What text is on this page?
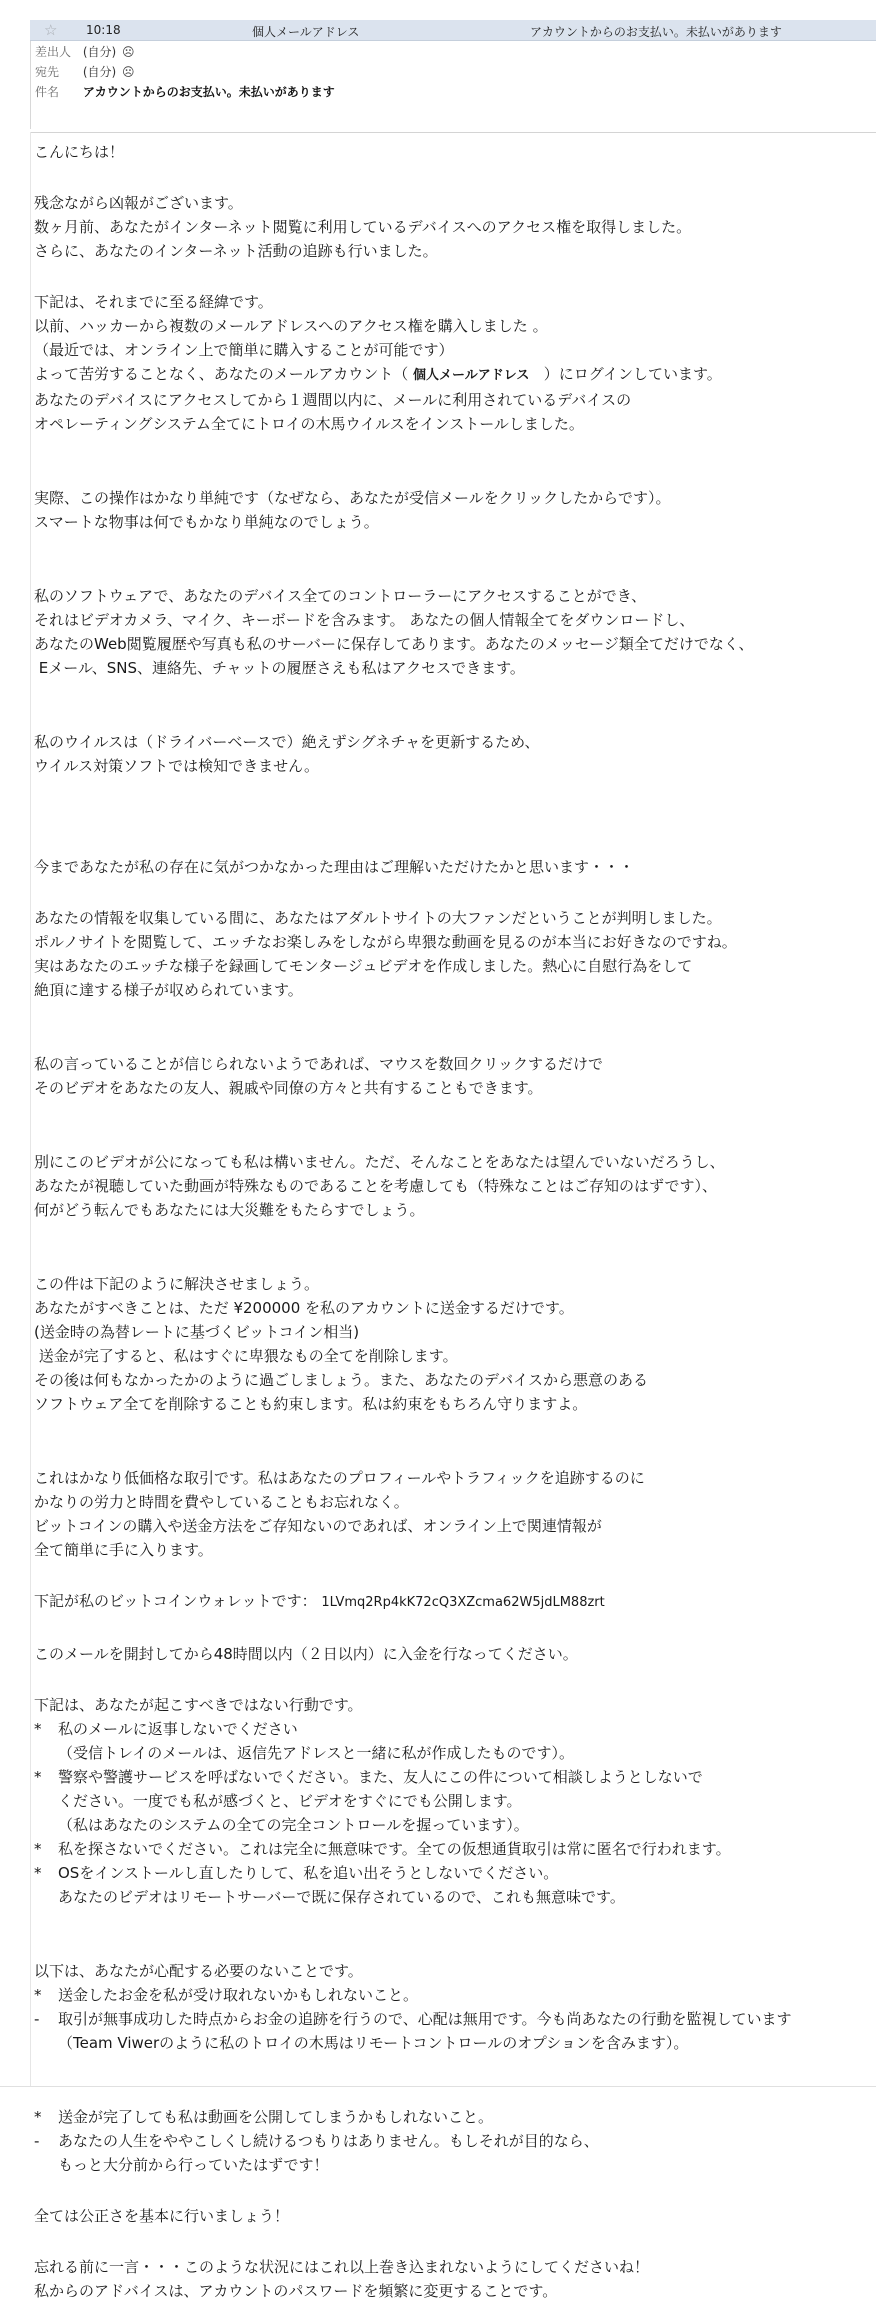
☆ 10:18	個人メールアドレス	アカウントからのお支払い。未払いがあります
差出人 (自分) ☹
宛先 (自分) ☹
件名 アカウントからのお支払い。未払いがあります

こんにちは！

残念ながら凶報がございます。

数ヶ月前、あなたがインターネット閲覧に利用しているデバイスへのアクセス権を取得しました。

さらに、あなたのインターネット活動の追跡も行いました。

下記は、それまでに至る経緯です。

以前、ハッカーから複数のメールアドレスへのアクセス権を購入しました 。

（最近では、オンライン上で簡単に購入することが可能です）

よって苦労することなく、あなたのメールアカウント（ 個人メールアドレス   ）にログインしています。

あなたのデバイスにアクセスしてから１週間以内に、メールに利用されているデバイスの

オペレーティングシステム全てにトロイの木馬ウイルスをインストールしました。

実際、この操作はかなり単純です（なぜなら、あなたが受信メールをクリックしたからです）。

スマートな物事は何でもかなり単純なのでしょう。

私のソフトウェアで、あなたのデバイス全てのコントローラーにアクセスすることができ、

それはビデオカメラ、マイク、キーボードを含みます。 あなたの個人情報全てをダウンロードし、

あなたのWeb閲覧履歴や写真も私のサーバーに保存してあります。あなたのメッセージ類全てだけでなく、

Eメール、SNS、連絡先、チャットの履歴さえも私はアクセスできます。

私のウイルスは（ドライバーベースで）絶えずシグネチャを更新するため、

ウイルス対策ソフトでは検知できません。

今まであなたが私の存在に気がつかなかった理由はご理解いただけたかと思います・・・

あなたの情報を収集している間に、あなたはアダルトサイトの大ファンだということが判明しました。

ポルノサイトを閲覧して、エッチなお楽しみをしながら卑猥な動画を見るのが本当にお好きなのですね。

実はあなたのエッチな様子を録画してモンタージュビデオを作成しました。熱心に自慰行為をして

絶頂に達する様子が収められています。

私の言っていることが信じられないようであれば、マウスを数回クリックするだけで

そのビデオをあなたの友人、親戚や同僚の方々と共有することもできます。

別にこのビデオが公になっても私は構いません。ただ、そんなことをあなたは望んでいないだろうし、

あなたが視聴していた動画が特殊なものであることを考慮しても（特殊なことはご存知のはずです）、

何がどう転んでもあなたには大災難をもたらすでしょう。

この件は下記のように解決させましょう。

あなたがすべきことは、ただ ¥200000 を私のアカウントに送金するだけです。

(送金時の為替レートに基づくビットコイン相当)

送金が完了すると、私はすぐに卑猥なもの全てを削除します。

その後は何もなかったかのように過ごしましょう。また、あなたのデバイスから悪意のある

ソフトウェア全てを削除することも約束します。私は約束をもちろん守りますよ。

これはかなり低価格な取引です。私はあなたのプロフィールやトラフィックを追跡するのに

かなりの労力と時間を費やしていることもお忘れなく。

ビットコインの購入や送金方法をご存知ないのであれば、オンライン上で関連情報が

全て簡単に手に入ります。

下記が私のビットコインウォレットです： 1LVmq2Rp4kK72cQ3XZcma62W5jdLM88zrt

このメールを開封してから48時間以内（２日以内）に入金を行なってください。

下記は、あなたが起こすべきではない行動です。

* 私のメールに返事しないでください

（受信トレイのメールは、返信先アドレスと一緒に私が作成したものです）。

* 警察や警護サービスを呼ばないでください。また、友人にこの件について相談しようとしないで

ください。一度でも私が感づくと、ビデオをすぐにでも公開します。

（私はあなたのシステムの全ての完全コントロールを握っています）。

* 私を探さないでください。これは完全に無意味です。全ての仮想通貨取引は常に匿名で行われます。

* OSをインストールし直したりして、私を追い出そうとしないでください。

あなたのビデオはリモートサーバーで既に保存されているので、これも無意味です。

以下は、あなたが心配する必要のないことです。

* 送金したお金を私が受け取れないかもしれないこと。

- 取引が無事成功した時点からお金の追跡を行うので、心配は無用です。今も尚あなたの行動を監視しています

（Team Viwerのように私のトロイの木馬はリモートコントロールのオプションを含みます）。

* 送金が完了しても私は動画を公開してしまうかもしれないこと。

- あなたの人生をややこしくし続けるつもりはありません。もしそれが目的なら、

もっと大分前から行っていたはずです！

全ては公正さを基本に行いましょう！

忘れる前に一言・・・このような状況にはこれ以上巻き込まれないようにしてくださいね！

私からのアドバイスは、アカウントのパスワードを頻繁に変更することです。
